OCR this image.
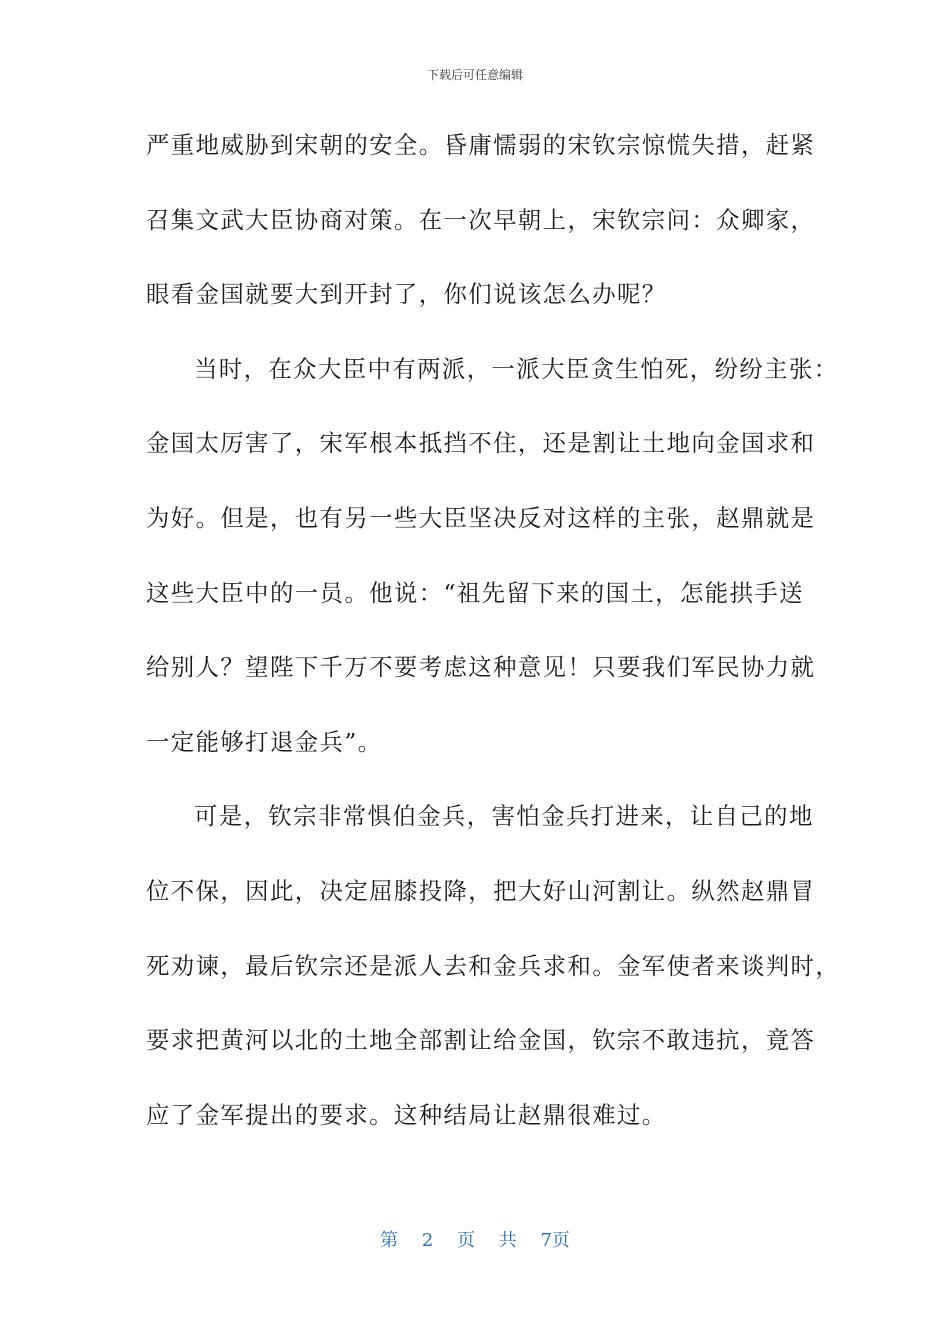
下载后可任意编辑
严重地威胁到宋朝的安全。昏庸懦弱的宋钦宗惊慌失措，赶紧
召集文武大臣协商对策。在一次早朝上，宋钦宗问：众卿家，
眼看金国就要大到开封了，你们说该怎么办呢？
当时，在众大臣中有两派，一派大臣贪生怕死，纷纷主张：
金国太厉害了，宋军根本抵挡不住，还是割让土地向金国求和
为好。但是，也有另一些大臣坚决反对这样的主张，赵鼎就是
这些大臣中的一员。他说：“祖先留下来的国土，怎能拱手送
给别人？望陛下千万不要考虑这种意见！只要我们军民协力就
一定能够打退金兵”。
可是，钦宗非常惧伯金兵，害怕金兵打进来，让自己的地
位不保，因此，决定屈膝投降，把大好山河割让。纵然赵鼎冒
死劝谏，最后钦宗还是派人去和金兵求和。金军使者来谈判时，
要求把黄河以北的土地全部割让给金国，钦宗不敢违抗，竟答
应了金军提出的要求。这种结局让赵鼎很难过。
第 2 页 共 7页
